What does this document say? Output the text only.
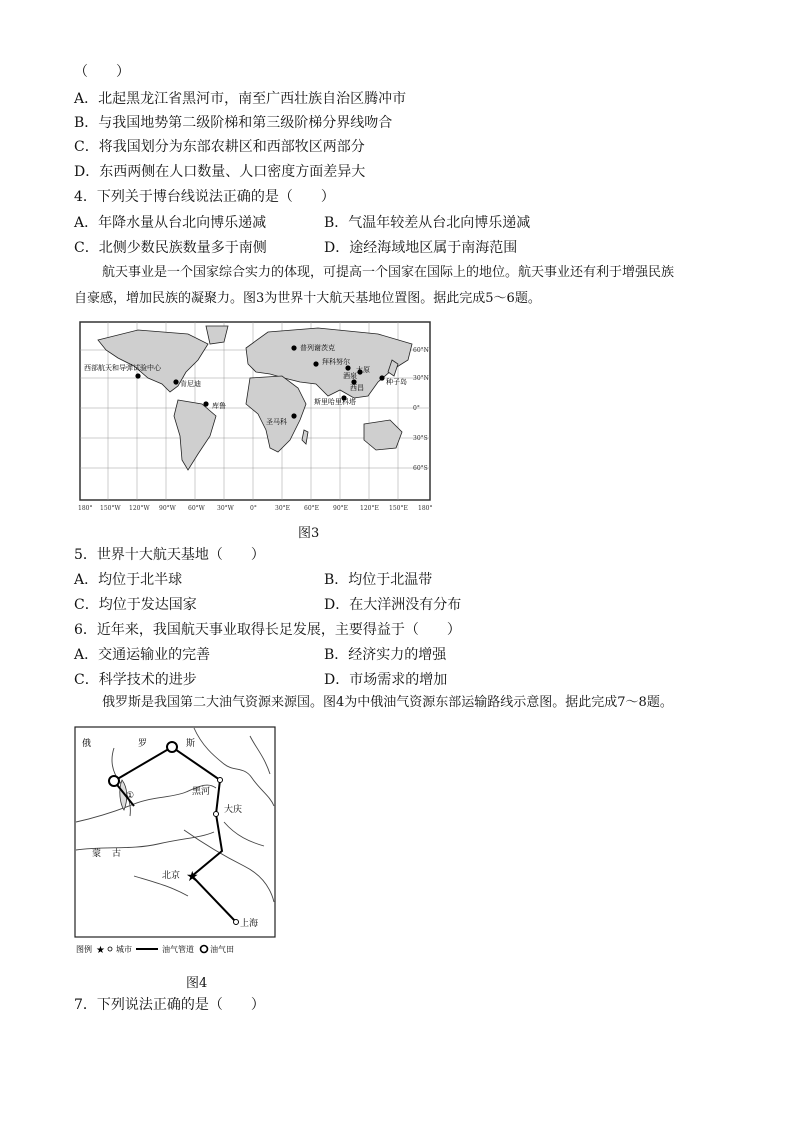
（　　）
A．北起黑龙江省黑河市，南至广西壮族自治区腾冲市
B．与我国地势第二级阶梯和第三级阶梯分界线吻合
C．将我国划分为东部农耕区和西部牧区两部分
D．东西两侧在人口数量、人口密度方面差异大
4．下列关于博台线说法正确的是（　　）
A．年降水量从台北向博乐递减	B．气温年较差从台北向博乐递减
C．北侧少数民族数量多于南侧	D．途经海域地区属于南海范围
航天事业是一个国家综合实力的体现，可提高一个国家在国际上的地位。航天事业还有利于增强民族
自豪感，增加民族的凝聚力。图3为世界十大航天基地位置图。据此完成5～6题。
普列谢茨克
拜科努尔
酒泉
西昌
太原
种子岛
西部航天和导弹试验中心
肯尼迪
库鲁	斯里哈里科塔
圣马科
60°N
30°N
0°
30°S
60°S
180° 150°W 120°W 90°W 60°W 30°W	0°	30°E 60°E 90°E 120°E 150°E 180°
图3
5．世界十大航天基地（　　）
A．均位于北半球	B．均位于北温带
C．均位于发达国家	D．在大洋洲没有分布
6．近年来，我国航天事业取得长足发展，主要得益于（　　）
A．交通运输业的完善	B．经济实力的增强
C．科学技术的进步	D．市场需求的增加
俄罗斯是我国第二大油气资源来源国。图4为中俄油气资源东部运输路线示意图。据此完成7～8题。
★
俄	罗	斯
①	黑河
大庆
蒙 古
北京
上海
图例 ★ 城市	油气管道 油气田
图4
7．下列说法正确的是（　　）
